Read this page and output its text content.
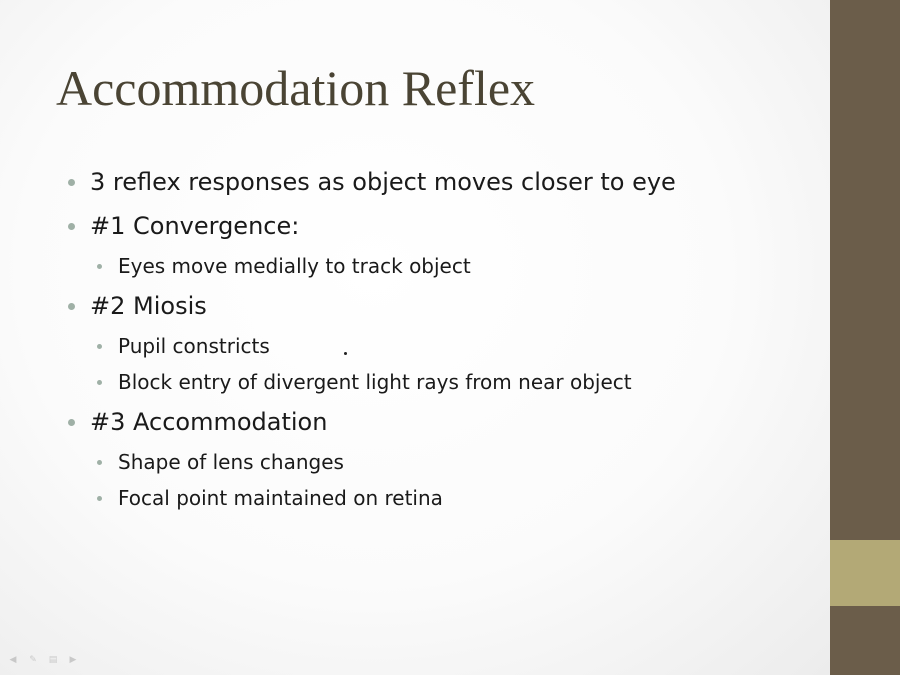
Accommodation Reflex
3 reflex responses as object moves closer to eye
#1 Convergence:
Eyes move medially to track object
#2 Miosis
Pupil constricts
Block entry of divergent light rays from near object
#3 Accommodation
Shape of lens changes
Focal point maintained on retina
◀	✎	▤	▶
